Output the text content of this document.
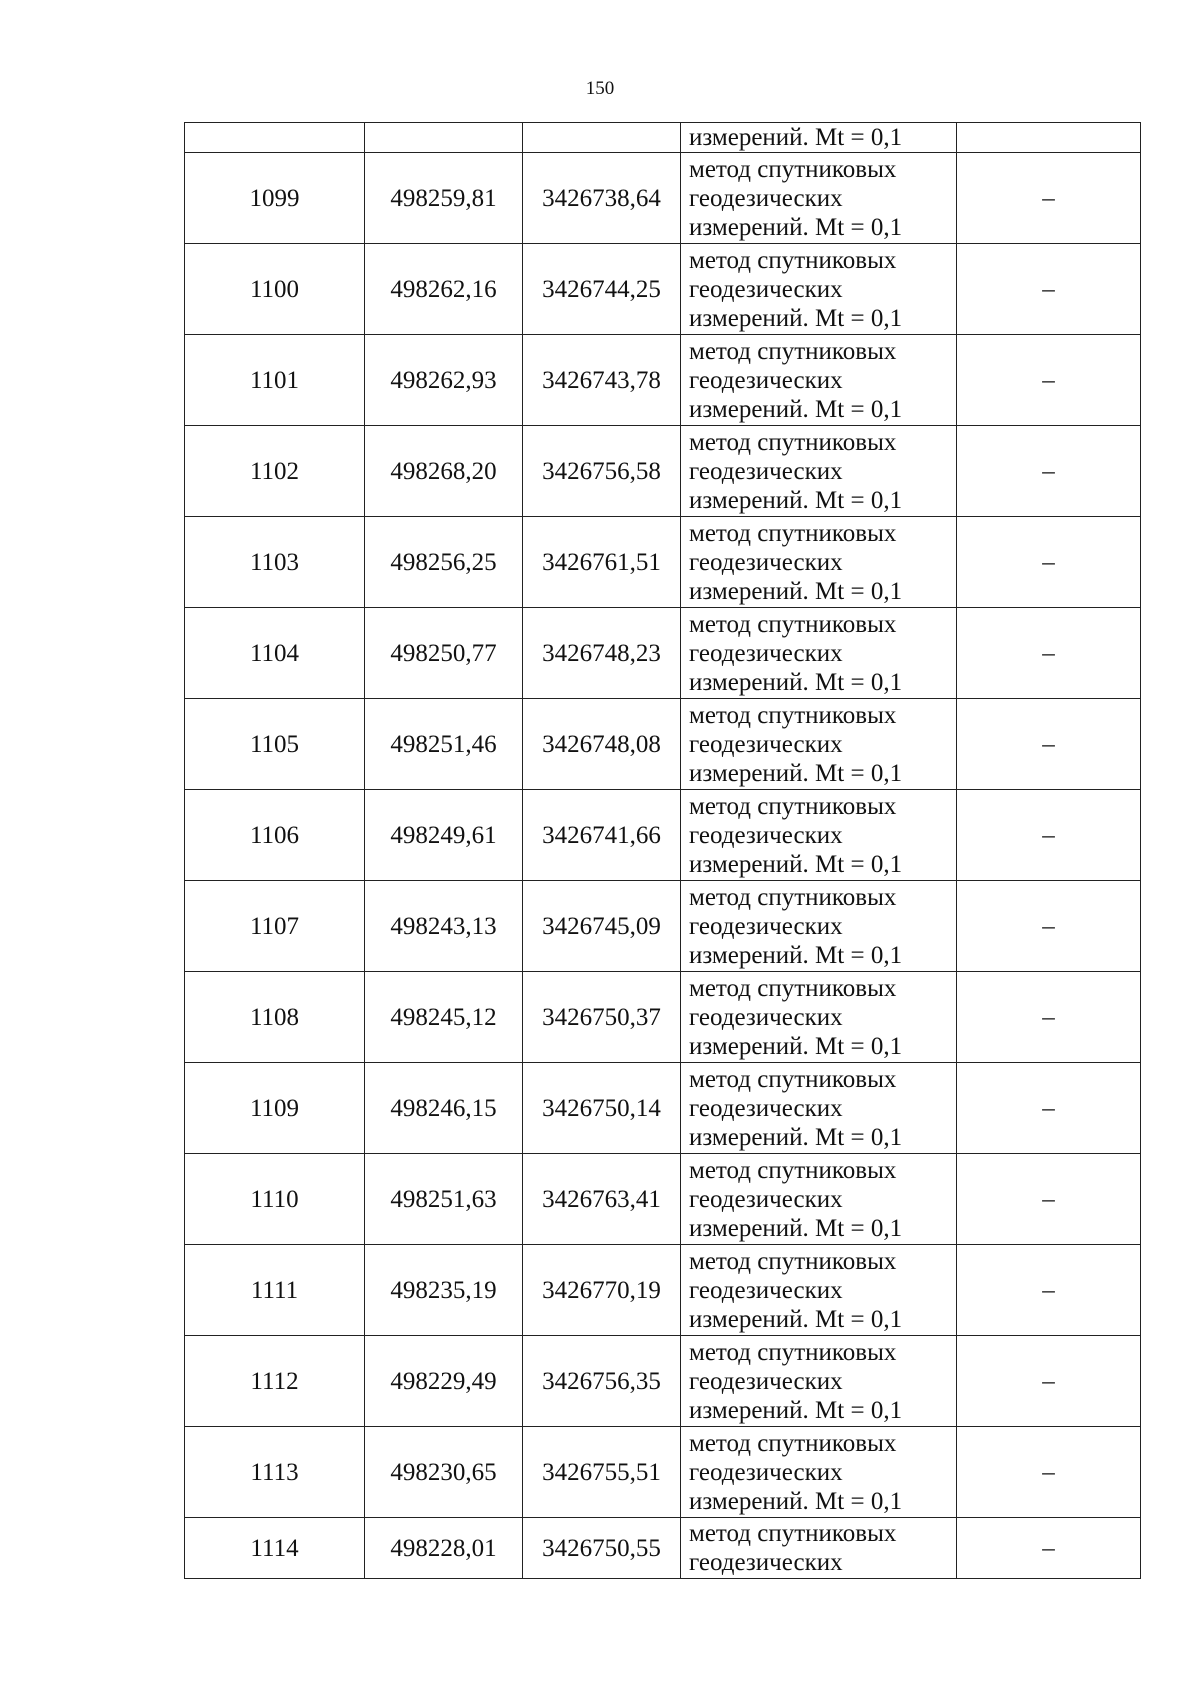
150

			измерений. Mt = 0,1	

1099	498259,81	3426738,64	метод спутниковых
геодезических
измерений. Mt = 0,1	–
1100	498262,16	3426744,25	метод спутниковых
геодезических
измерений. Mt = 0,1	–
1101	498262,93	3426743,78	метод спутниковых
геодезических
измерений. Mt = 0,1	–
1102	498268,20	3426756,58	метод спутниковых
геодезических
измерений. Mt = 0,1	–
1103	498256,25	3426761,51	метод спутниковых
геодезических
измерений. Mt = 0,1	–
1104	498250,77	3426748,23	метод спутниковых
геодезических
измерений. Mt = 0,1	–
1105	498251,46	3426748,08	метод спутниковых
геодезических
измерений. Mt = 0,1	–
1106	498249,61	3426741,66	метод спутниковых
геодезических
измерений. Mt = 0,1	–
1107	498243,13	3426745,09	метод спутниковых
геодезических
измерений. Mt = 0,1	–
1108	498245,12	3426750,37	метод спутниковых
геодезических
измерений. Mt = 0,1	–
1109	498246,15	3426750,14	метод спутниковых
геодезических
измерений. Mt = 0,1	–
1110	498251,63	3426763,41	метод спутниковых
геодезических
измерений. Mt = 0,1	–
1111	498235,19	3426770,19	метод спутниковых
геодезических
измерений. Mt = 0,1	–
1112	498229,49	3426756,35	метод спутниковых
геодезических
измерений. Mt = 0,1	–
1113	498230,65	3426755,51	метод спутниковых
геодезических
измерений. Mt = 0,1	–
1114	498228,01	3426750,55	метод спутниковых
геодезических	–
